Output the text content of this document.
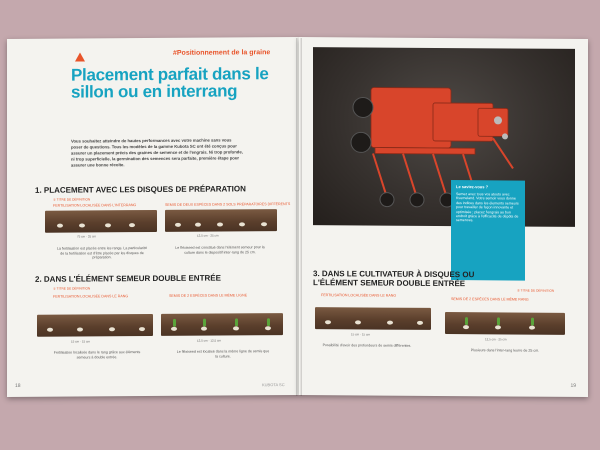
#Positionnement de la graine
Placement parfait dans le sillon ou en interrang
Vous souhaitez atteindre de hautes performances avec votre machine sans vous poser de questions. Tous les modèles de la gamme Kubota SC ont été conçus pour assurer un placement précis des graines de semence et de l'engrais. Ni trop profonde, ni trop superficielle, la germination des semences sera parfaite, première étape pour assurer une bonne récolte.
1. PLACEMENT AVEC LES DISQUES DE PRÉPARATION
① TITRE DE DÉFINITION
FERTILISATION LOCALISÉE DANS L'INTERRANG	SEMIS DE DEUX ESPÈCES DANS 2 SOLS PRÉPARATOIRES DIFFÉRENTS
75 cm · 25 cm	12,5 cm · 25 cm
La fertilisation est placée entre les rangs. La particularité de la fertilisation est d'être placée par les disques de préparation.
Le fléxiseed est constitué dans l'élément semeur pour la culture dans le dispositif inter-rang de 25 cm.
2. DANS L'ÉLÉMENT SEMEUR DOUBLE ENTRÉE
① TITRE DE DÉFINITION
FERTILISATION LOCALISÉE DANS LE RANG	SEMIS DE 2 ESPÈCES DANS LE MÊME LIGNE
15 cm · 15 cm	12,5 cm · 12,5 cm
Fertilisation localisée dans le rang grâce aux éléments semeurs à double entrée.
Le fléxiseed est localisé dans la même ligne de semis que la culture.
18	KUBOTA SC
Le saviez-vous ?
Semez avec tous vos atouts avec Kverneland. Votre semoir vous donne des indices dans les élements semeurs pour travailler de façon innovante et optimisée ; placez l'engrais au bon endroit grâce à l'efficacité de dépôts de semences.
3. DANS LE CULTIVATEUR À DISQUES OU L'ÉLÉMENT SEMEUR DOUBLE ENTRÉE
① TITRE DE DÉFINITION
FERTILISATION LOCALISÉE DANS LE RANG
SEMIS DE 2 ESPÈCES DANS LE MÊME RANG
15 cm · 15 cm
12,5 cm · 25 cm
Possibilité d'avoir des profondeurs de semis différentes.
Plusieurs dans l'inter-rang leurre de 25 cm.
19
